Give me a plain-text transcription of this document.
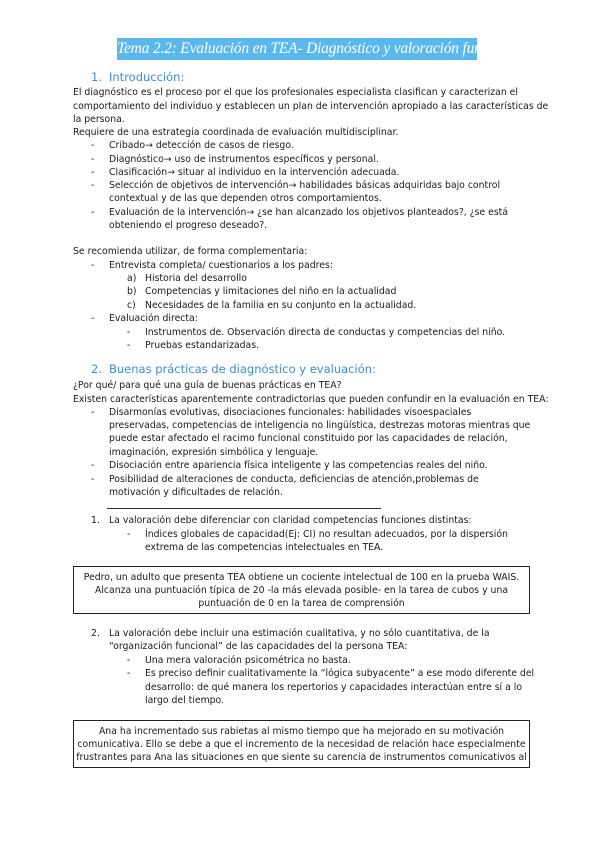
Tema 2.2: Evaluación en TEA- Diagnóstico y valoración funcional
1. Introducción:
El diagnóstico es el proceso por el que los profesionales especialista clasifican y caracterizan el
comportamiento del individuo y establecen un plan de intervención apropiado a las características de
la persona.
Requiere de una estrategia coordinada de evaluación multidisciplinar.
- Cribado→ detección de casos de riesgo.
- Diagnóstico→ uso de instrumentos específicos y personal.
- Clasificación→ situar al individuo en la intervención adecuada.
- Selección de objetivos de intervención→ habilidades básicas adquiridas bajo control
contextual y de las que dependen otros comportamientos.
- Evaluación de la intervención→ ¿se han alcanzado los objetivos planteados?, ¿se está
obteniendo el progreso deseado?.
Se recomienda utilizar, de forma complementaria:
- Entrevista completa/ cuestionarios a los padres:
a) Historia del desarrollo
b) Competencias y limitaciones del niño en la actualidad
c) Necesidades de la familia en su conjunto en la actualidad.
- Evaluación directa:
- Instrumentos de. Observación directa de conductas y competencias del niño.
- Pruebas estandarizadas.
2. Buenas prácticas de diagnóstico y evaluación:
¿Por qué/ para qué una guía de buenas prácticas en TEA?
Existen características aparentemente contradictorias que pueden confundir en la evaluación en TEA:
- Disarmonías evolutivas, disociaciones funcionales: habilidades visoespaciales
preservadas, competencias de inteligencia no lingüística, destrezas motoras mientras que
puede estar afectado el racimo funcional constituido por las capacidades de relación,
imaginación, expresión simbólica y lenguaje.
- Disociación entre apariencia física inteligente y las competencias reales del niño.
- Posibilidad de alteraciones de conducta, deficiencias de atención,problemas de
motivación y dificultades de relación.
1. La valoración debe diferenciar con claridad competencias funciones distintas:
- Índices globales de capacidad(Ej: CI) no resultan adecuados, por la dispersión
extrema de las competencias intelectuales en TEA.
Pedro, un adulto que presenta TEA obtiene un cociente intelectual de 100 en la prueba WAIS.
Alcanza una puntuación típica de 20 -la más elevada posible- en la tarea de cubos y una
puntuación de 0 en la tarea de comprensión
2. La valoración debe incluir una estimación cualitativa, y no sólo cuantitativa, de la
“organización funcional” de las capacidades del la persona TEA:
- Una mera valoración psicométrica no basta.
- Es preciso definir cualitativamente la “lógica subyacente” a ese modo diferente del
desarrollo: de qué manera los repertorios y capacidades interactúan entre sí a lo
largo del tiempo.
Ana ha incrementado sus rabietas al mismo tiempo que ha mejorado en su motivación
comunicativa. Ello se debe a que el incremento de la necesidad de relación hace especialmente
frustrantes para Ana las situaciones en que siente su carencia de instrumentos comunicativos al
